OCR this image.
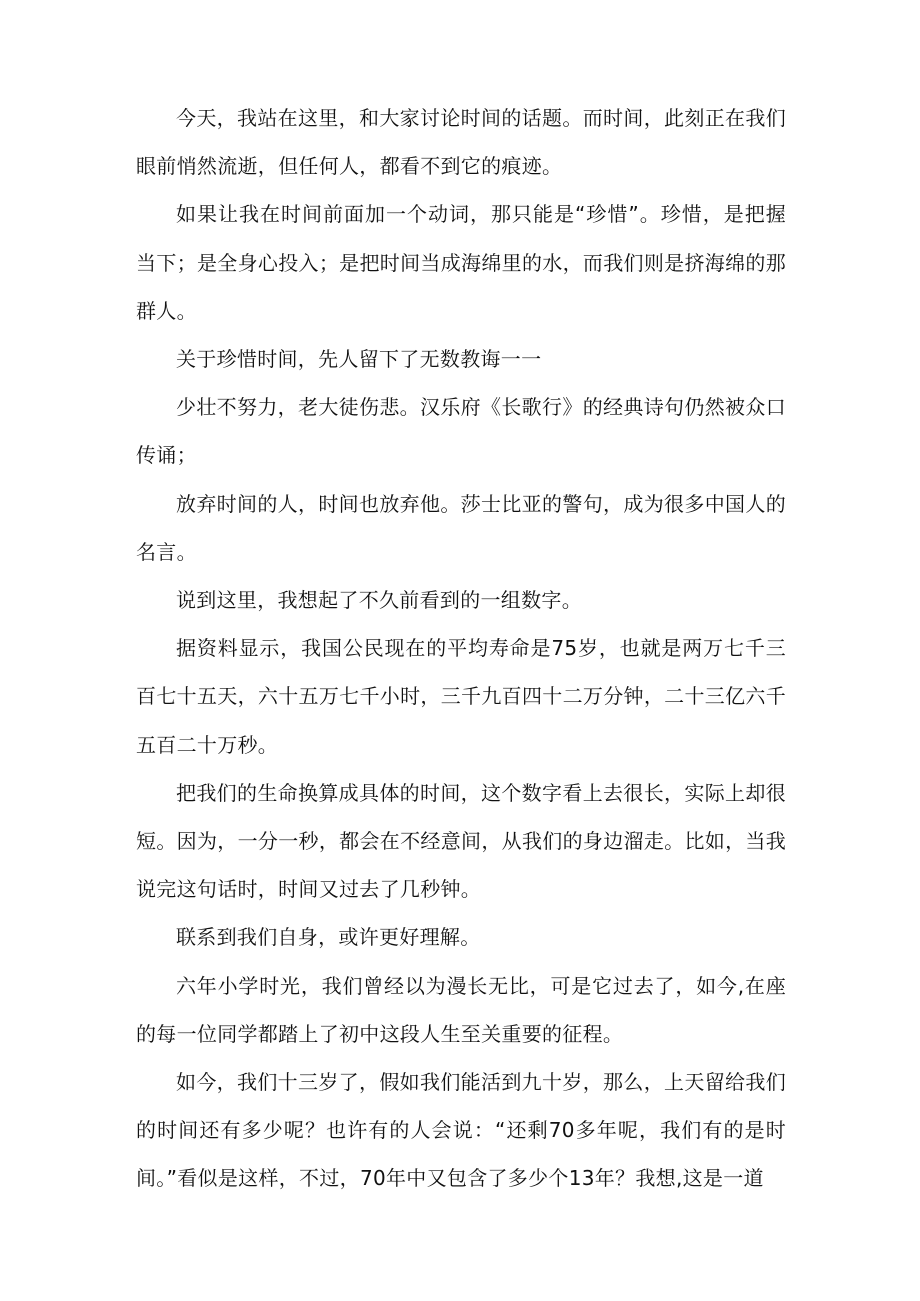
今天，我站在这里，和大家讨论时间的话题。而时间，此刻正在我们眼前悄然流逝，但任何人，都看不到它的痕迹。

如果让我在时间前面加一个动词，那只能是“珍惜”。珍惜，是把握当下；是全身心投入；是把时间当成海绵里的水，而我们则是挤海绵的那群人。

关于珍惜时间，先人留下了无数教诲一一

少壮不努力，老大徒伤悲。汉乐府《长歌行》的经典诗句仍然被众口传诵；

放弃时间的人，时间也放弃他。莎士比亚的警句，成为很多中国人的名言。

说到这里，我想起了不久前看到的一组数字。

据资料显示，我国公民现在的平均寿命是75岁，也就是两万七千三百七十五天，六十五万七千小时，三千九百四十二万分钟，二十三亿六千五百二十万秒。

把我们的生命换算成具体的时间，这个数字看上去很长，实际上却很短。因为，一分一秒，都会在不经意间，从我们的身边溜走。比如，当我说完这句话时，时间又过去了几秒钟。

联系到我们自身，或许更好理解。

六年小学时光，我们曾经以为漫长无比，可是它过去了，如今,在座的每一位同学都踏上了初中这段人生至关重要的征程。

如今，我们十三岁了，假如我们能活到九十岁，那么，上天留给我们的时间还有多少呢？也许有的人会说：“还剩70多年呢，我们有的是时间。”看似是这样，不过，70年中又包含了多少个13年？我想,这是一道
